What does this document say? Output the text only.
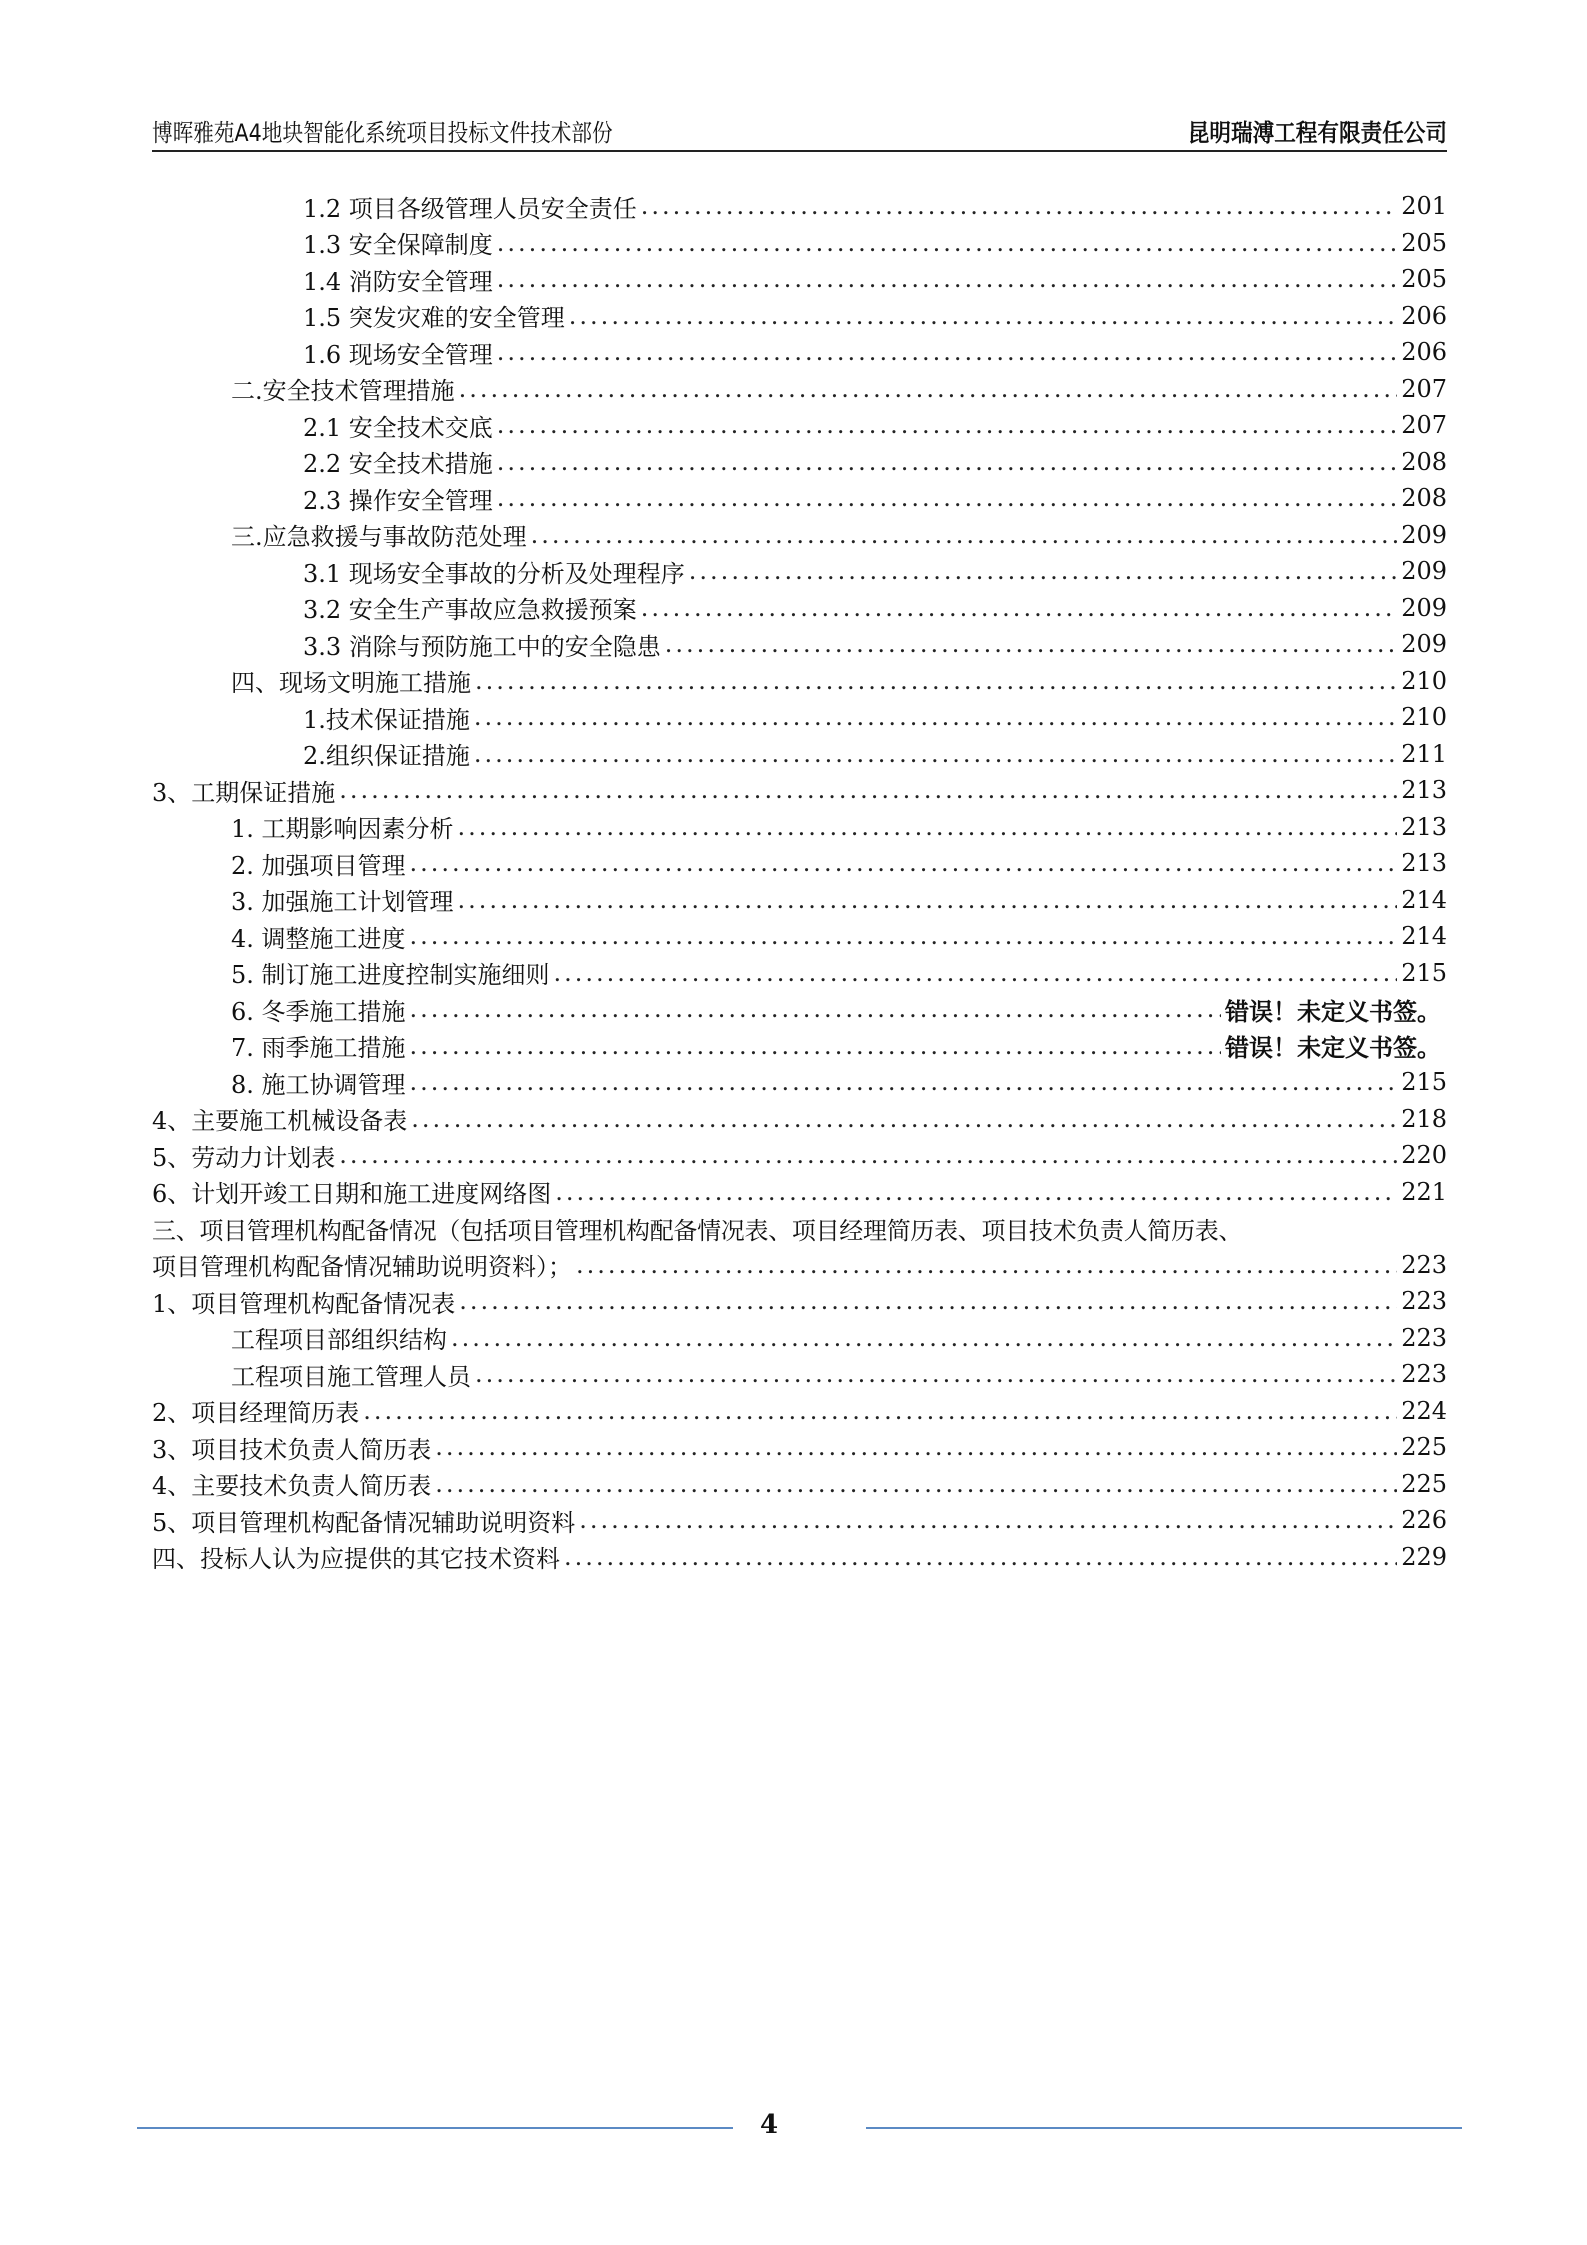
博晖雅苑A4地块智能化系统项目投标文件技术部份	昆明瑞溥工程有限责任公司
1.2 项目各级管理人员安全责任 .....	201
1.3 安全保障制度 .....	205
1.4 消防安全管理 .....	205
1.5 突发灾难的安全管理 .....	206
1.6 现场安全管理 .....	206
二.安全技术管理措施 .....	207
2.1 安全技术交底 .....	207
2.2 安全技术措施 .....	208
2.3 操作安全管理 .....	208
三.应急救援与事故防范处理 .....	209
3.1 现场安全事故的分析及处理程序 .....	209
3.2 安全生产事故应急救援预案 .....	209
3.3 消除与预防施工中的安全隐患 .....	209
四、现场文明施工措施 .....	210
1.技术保证措施 .....	210
2.组织保证措施 .....	211
3、工期保证措施 .....	213
1. 工期影响因素分析 .....	213
2. 加强项目管理 .....	213
3. 加强施工计划管理 .....	214
4. 调整施工进度 .....	214
5. 制订施工进度控制实施细则 .....	215
6. 冬季施工措施 .....	错误！未定义书签。
7. 雨季施工措施 .....	错误！未定义书签。
8. 施工协调管理 .....	215
4、主要施工机械设备表 .....	218
5、劳动力计划表 .....	220
6、计划开竣工日期和施工进度网络图 .....	221
三、项目管理机构配备情况（包括项目管理机构配备情况表、项目经理简历表、项目技术负责人简历表、
项目管理机构配备情况辅助说明资料）； .....	223
1、项目管理机构配备情况表 .....	223
工程项目部组织结构 .....	223
工程项目施工管理人员 .....	223
2、项目经理简历表 .....	224
3、项目技术负责人简历表 .....	225
4、主要技术负责人简历表 .....	225
5、项目管理机构配备情况辅助说明资料 .....	226
四、投标人认为应提供的其它技术资料 .....	229
4
